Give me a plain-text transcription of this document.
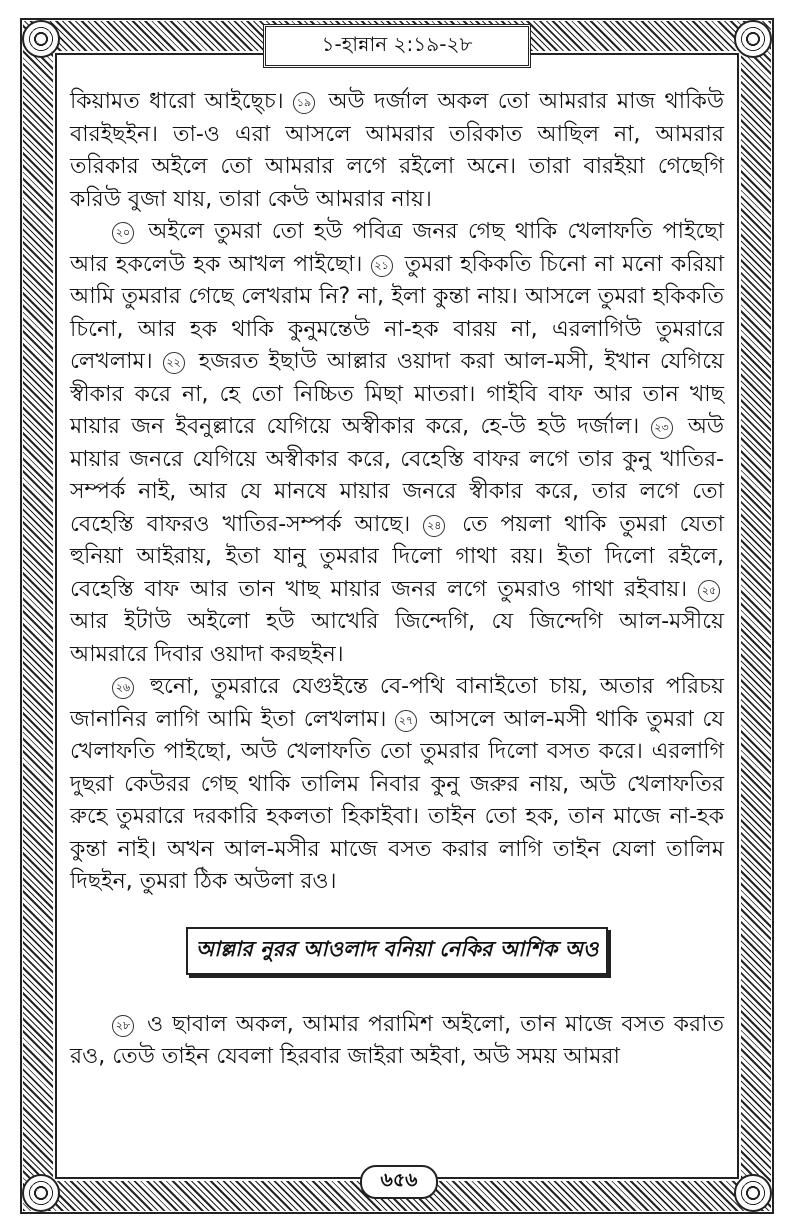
১-হান্নান ২:১৯-২৮

কিয়ামত ধারো আইছ্চে। ১৯ অউ দর্জাল অকল তো আমরার মাজ থাকিউ বারইছইন। তা-ও এরা আসলে আমরার তরিকাত আছিল না, আমরার তরিকার অইলে তো আমরার লগে রইলো অনে। তারা বারইয়া গেছেগি করিউ বুজা যায়, তারা কেউ আমরার নায়।

২০ অইলে তুমরা তো হউ পবিত্র জনর গেছ থাকি খেলাফতি পাইছো আর হকলেউ হক আখল পাইছো। ২১ তুমরা হকিকতি চিনো না মনো করিয়া আমি তুমরার গেছে লেখরাম নি? না, ইলা কুন্তা নায়। আসলে তুমরা হকিকতি চিনো, আর হক থাকি কুনুমন্তেউ না-হক বারয় না, এরলাগিউ তুমরারে লেখলাম। ২২ হজরত ইছাউ আল্লার ওয়াদা করা আল-মসী, ইখান যেগিয়ে স্বীকার করে না, হে তো নিচ্চিত মিছা মাতরা। গাইবি বাফ আর তান খাছ মায়ার জন ইবনুল্লারে যেগিয়ে অস্বীকার করে, হে-উ হউ দর্জাল। ২৩ অউ মায়ার জনরে যেগিয়ে অস্বীকার করে, বেহেস্তি বাফর লগে তার কুনু খাতির-সম্পর্ক নাই, আর যে মানষে মায়ার জনরে স্বীকার করে, তার লগে তো বেহেস্তি বাফরও খাতির-সম্পর্ক আছে। ২৪ তে পয়লা থাকি তুমরা যেতা হুনিয়া আইরায়, ইতা যানু তুমরার দিলো গাথা রয়। ইতা দিলো রইলে, বেহেস্তি বাফ আর তান খাছ মায়ার জনর লগে তুমরাও গাথা রইবায়। ২৫ আর ইটাউ অইলো হউ আখেরি জিন্দেগি, যে জিন্দেগি আল-মসীয়ে আমরারে দিবার ওয়াদা করছইন।

২৬ হুনো, তুমরারে যেগুইন্তে বে-পথি বানাইতো চায়, অতার পরিচয় জানানির লাগি আমি ইতা লেখলাম। ২৭ আসলে আল-মসী থাকি তুমরা যে খেলাফতি পাইছো, অউ খেলাফতি তো তুমরার দিলো বসত করে। এরলাগি দুছরা কেউরর গেছ থাকি তালিম নিবার কুনু জরুর নায়, অউ খেলাফতির রুহে তুমরারে দরকারি হকলতা হিকাইবা। তাইন তো হক, তান মাজে না-হক কুন্তা নাই। অখন আল-মসীর মাজে বসত করার লাগি তাইন যেলা তালিম দিছইন, তুমরা ঠিক অউলা রও।

আল্লার নুরর আওলাদ বনিয়া নেকির আশিক অও

২৮ ও ছাবাল অকল, আমার পরামিশ অইলো, তান মাজে বসত করাত রও, তেউ তাইন যেবলা হিরবার জাইরা অইবা, অউ সময় আমরা

৬৫৬
